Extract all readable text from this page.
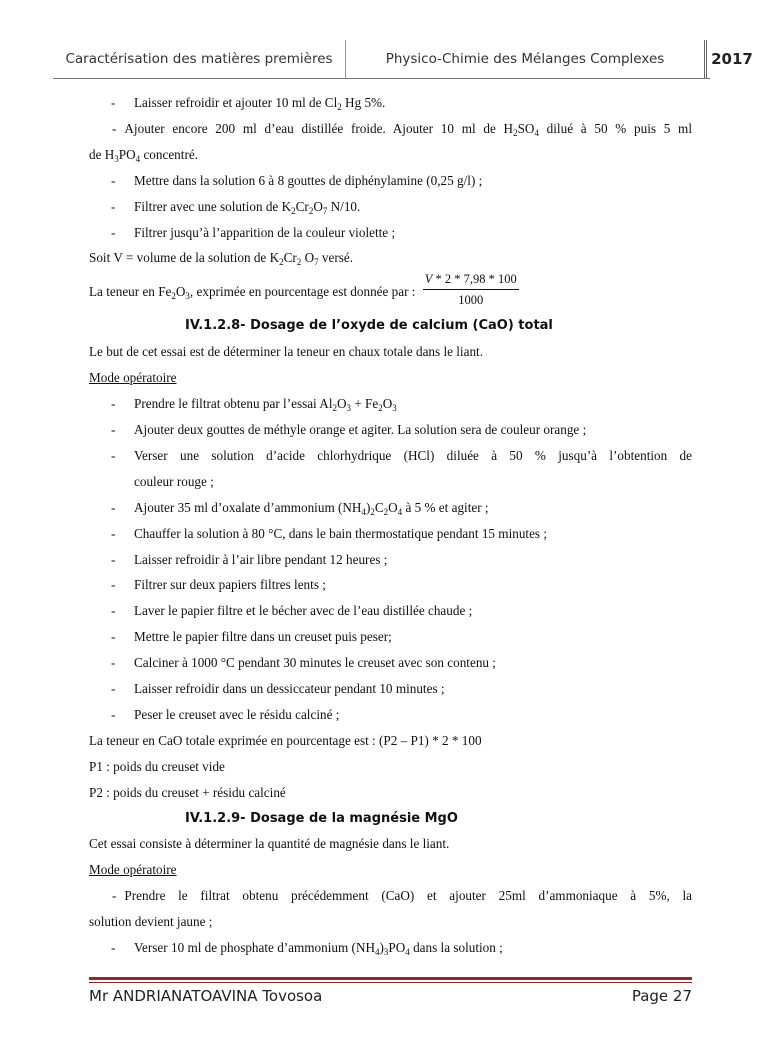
Caractérisation des matières premières	Physico-Chimie des Mélanges Complexes	2017

- Laisser refroidir et ajouter 10 ml de $Cl_2$ Hg 5%.

- Ajouter encore 200 ml d’eau distillée froide. Ajouter 10 ml de $H_2SO_4$ dilué à 50 % puis 5 ml

de $H_3PO_4$ concentré.

- Mettre dans la solution 6 à 8 gouttes de diphénylamine (0,25 g/l) ;

- Filtrer avec une solution de $K_2Cr_2O_7$ N/10.

- Filtrer jusqu’à l’apparition de la couleur violette ;

Soit V = volume de la solution de $K_2Cr_2$ $O_7$ versé.

La teneur en $Fe_2O_3$, exprimée en pourcentage est donnée par : $\frac{V * 2 * 7,98 * 100}{1000}$

IV.1.2.8- Dosage de l’oxyde de calcium (CaO) total

Le but de cet essai est de déterminer la teneur en chaux totale dans le liant.

Mode opératoire

- Prendre le filtrat obtenu par l’essai $Al_2O_3 + Fe_2O_3$

- Ajouter deux gouttes de méthyle orange et agiter. La solution sera de couleur orange ;

- Verser une solution d’acide chlorhydrique (HCl) diluée à 50 % jusqu’à l’obtention de

couleur rouge ;

- Ajouter 35 ml d’oxalate d’ammonium $(NH_4)_2C_2O_4$ à 5 % et agiter ;

- Chauffer la solution à 80 °C, dans le bain thermostatique pendant 15 minutes ;

- Laisser refroidir à l’air libre pendant 12 heures ;

- Filtrer sur deux papiers filtres lents ;

- Laver le papier filtre et le bécher avec de l’eau distillée chaude ;

- Mettre le papier filtre dans un creuset puis peser;

- Calciner à 1000 °C pendant 30 minutes le creuset avec son contenu ;

- Laisser refroidir dans un dessiccateur pendant 10 minutes ;

- Peser le creuset avec le résidu calciné ;

La teneur en CaO totale exprimée en pourcentage est : (P2 – P1) * 2 * 100

P1 : poids du creuset vide

P2 : poids du creuset + résidu calciné

IV.1.2.9- Dosage de la magnésie MgO

Cet essai consiste à déterminer la quantité de magnésie dans le liant.

Mode opératoire

- Prendre le filtrat obtenu précédemment (CaO) et ajouter 25ml d’ammoniaque à 5%, la

solution devient jaune ;

- Verser 10 ml de phosphate d’ammonium $(NH_4)_3PO_4$ dans la solution ;

Mr ANDRIANATOAVINA Tovosoa	Page 27
